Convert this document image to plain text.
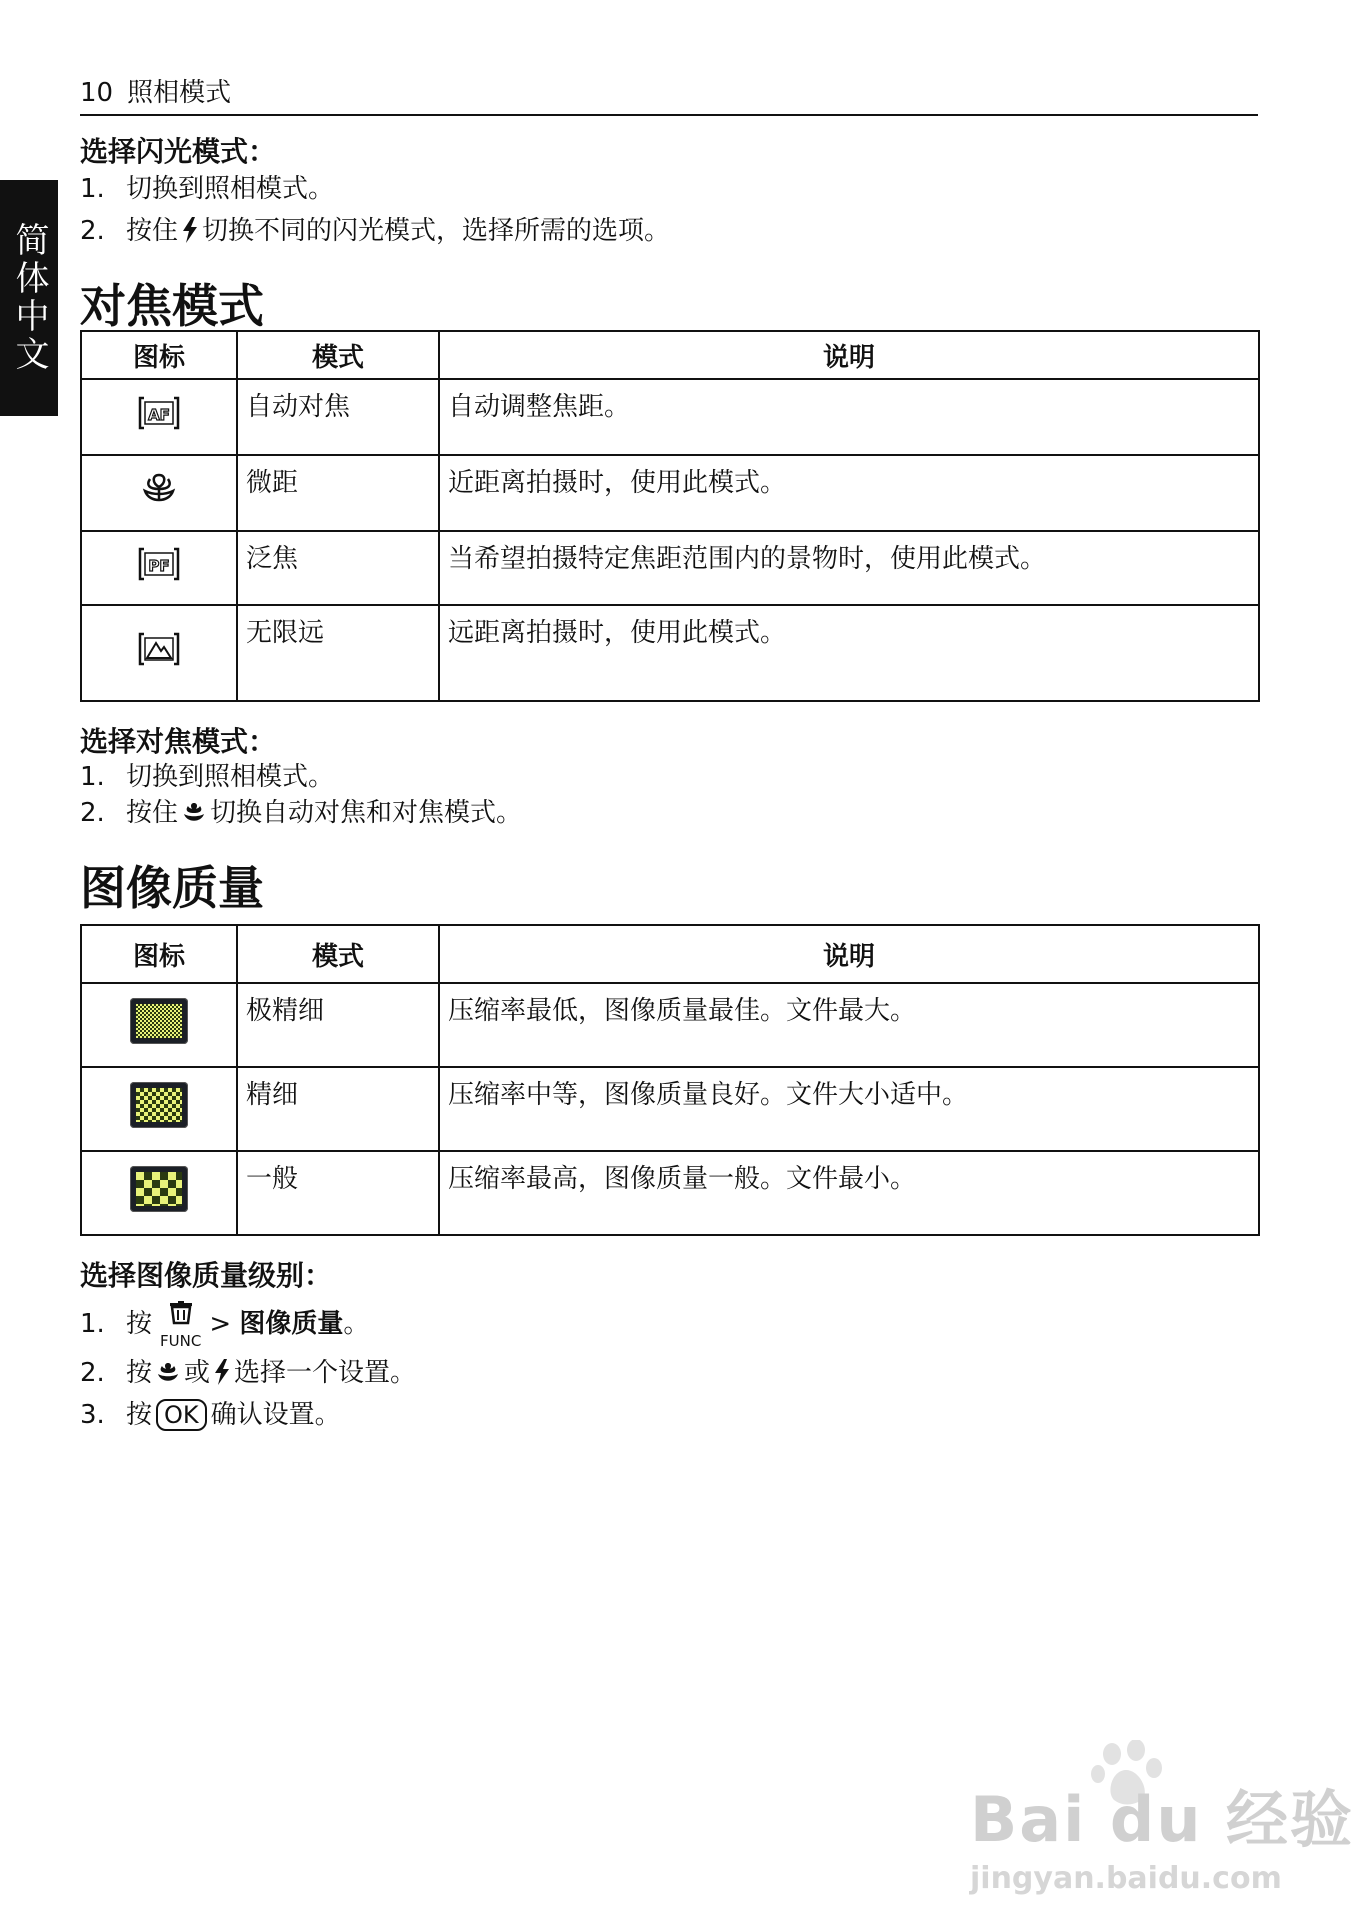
10 照相模式
简体中文
选择闪光模式：
1. 切换到照相模式。
2. 按住 切换不同的闪光模式，选择所需的选项。
对焦模式
图标	模式	说明

AF	自动对焦	自动调整焦距。
	微距	近距离拍摄时，使用此模式。

PF	泛焦	当希望拍摄特定焦距范围内的景物时，使用此模式。
	无限远	远距离拍摄时，使用此模式。
选择对焦模式：
1. 切换到照相模式。
2. 按住 切换自动对焦和对焦模式。
图像质量
图标	模式	说明

	极精细	压缩率最低，图像质量最佳。文件最大。

	精细	压缩率中等，图像质量良好。文件大小适中。

	一般	压缩率最高，图像质量一般。文件最小。
选择图像质量级别：
1. 按
FUNC
> 图像质量。
2. 按 或 选择一个设置。
3. 按 OK 确认设置。
Bai du 经验
jingyan.baidu.com
